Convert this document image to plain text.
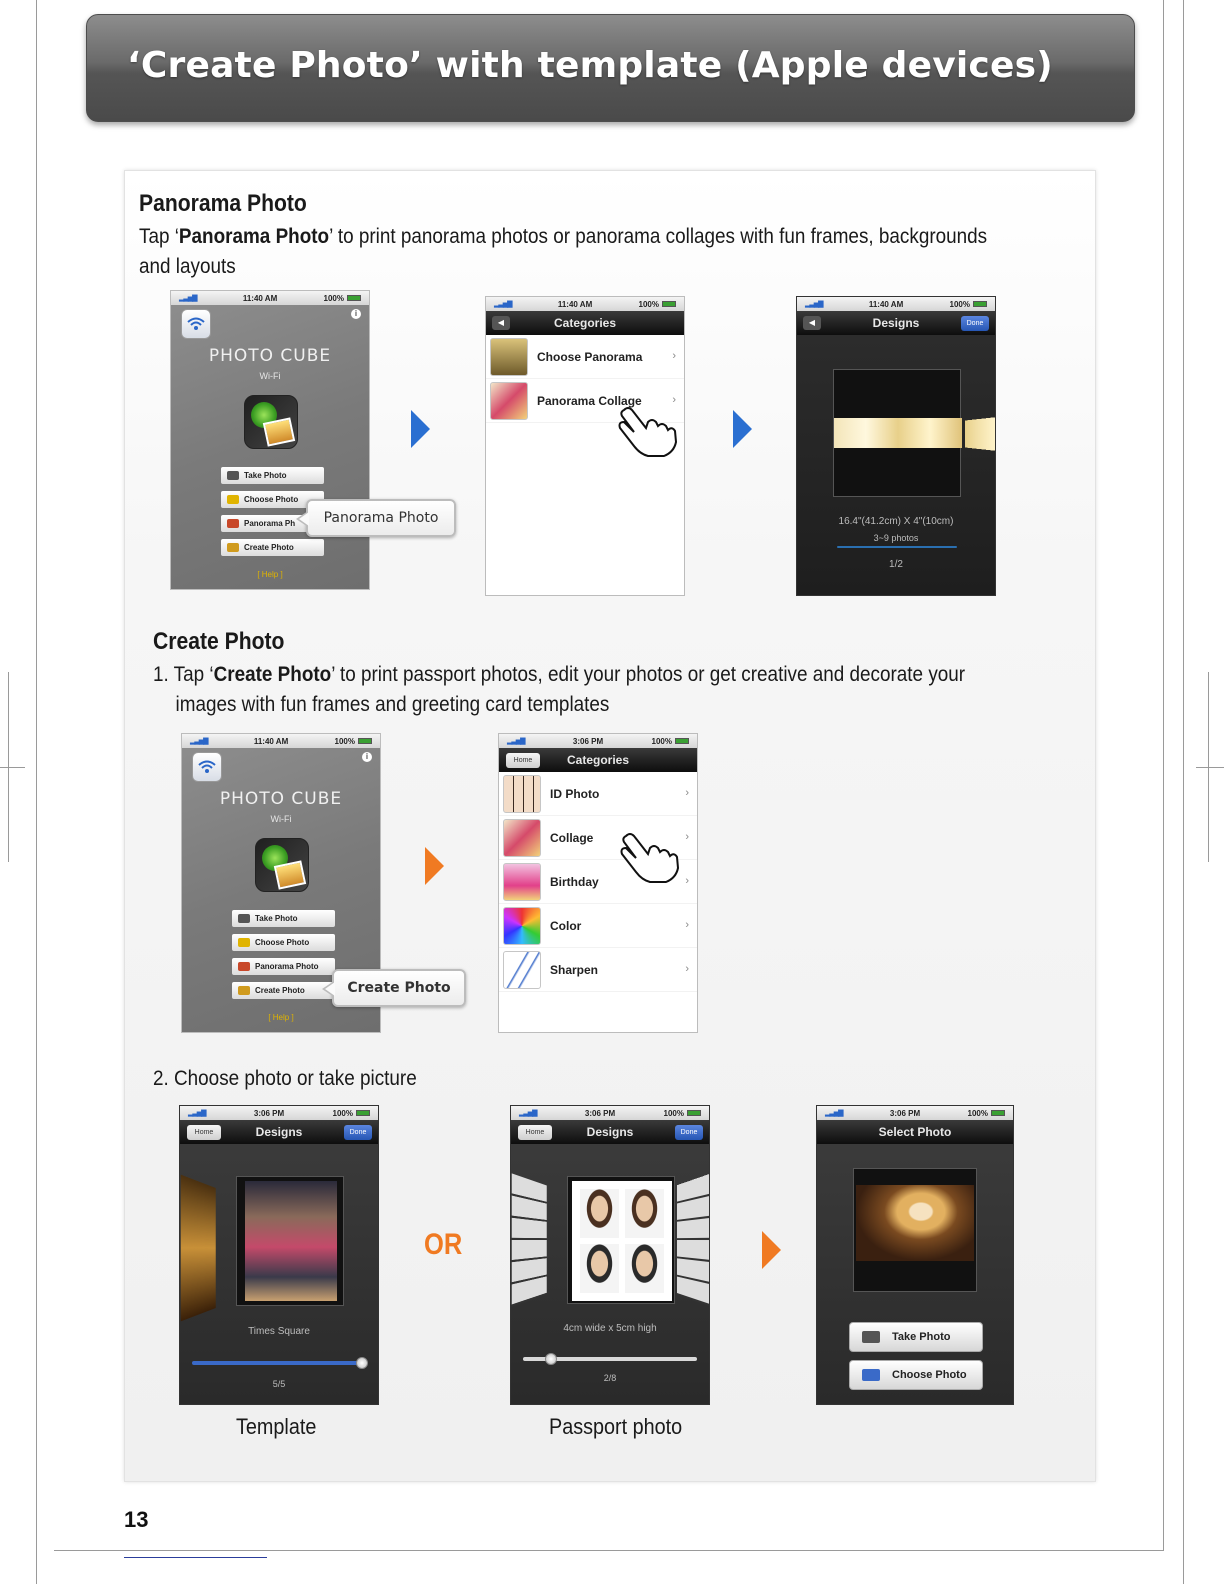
‘Create Photo’ with template (Apple devices)
Panorama Photo
Tap ‘Panorama Photo’ to print panorama photos or panorama collages with fun frames, backgrounds
and layouts
▂▃▅▇	11:40 AM	100%
i
PHOTO CUBE
Wi-Fi
Take Photo
Choose Photo
Panorama Ph
Create Photo
[ Help ]
Panorama Photo
▂▃▅▇	11:40 AM	100%
◀	Categories
Choose Panorama	›
Panorama Collage	›
▂▃▅▇	11:40 AM	100%
◀	Designs	Done
16.4"(41.2cm) X 4"(10cm)
3~9 photos
1/2
Create Photo
1. Tap ‘Create Photo’ to print passport photos, edit your photos or get creative and decorate your
images with fun frames and greeting card templates
▂▃▅▇	11:40 AM	100%
i
PHOTO CUBE
Wi-Fi
Take Photo
Choose Photo
Panorama Photo
Create Photo
[ Help ]
Create Photo
▂▃▅▇	3:06 PM	100%
Home	Categories
ID Photo	›
Collage	›
Birthday	›
Color	›
Sharpen	›
2. Choose photo or take picture
▂▃▅▇	3:06 PM	100%
Home	Designs	Done
Times Square
5/5
Template
OR
▂▃▅▇	3:06 PM	100%
Home	Designs	Done
4cm wide x 5cm high
2/8
Passport photo
▂▃▅▇	3:06 PM	100%
Select Photo
Take Photo
Choose Photo
13
